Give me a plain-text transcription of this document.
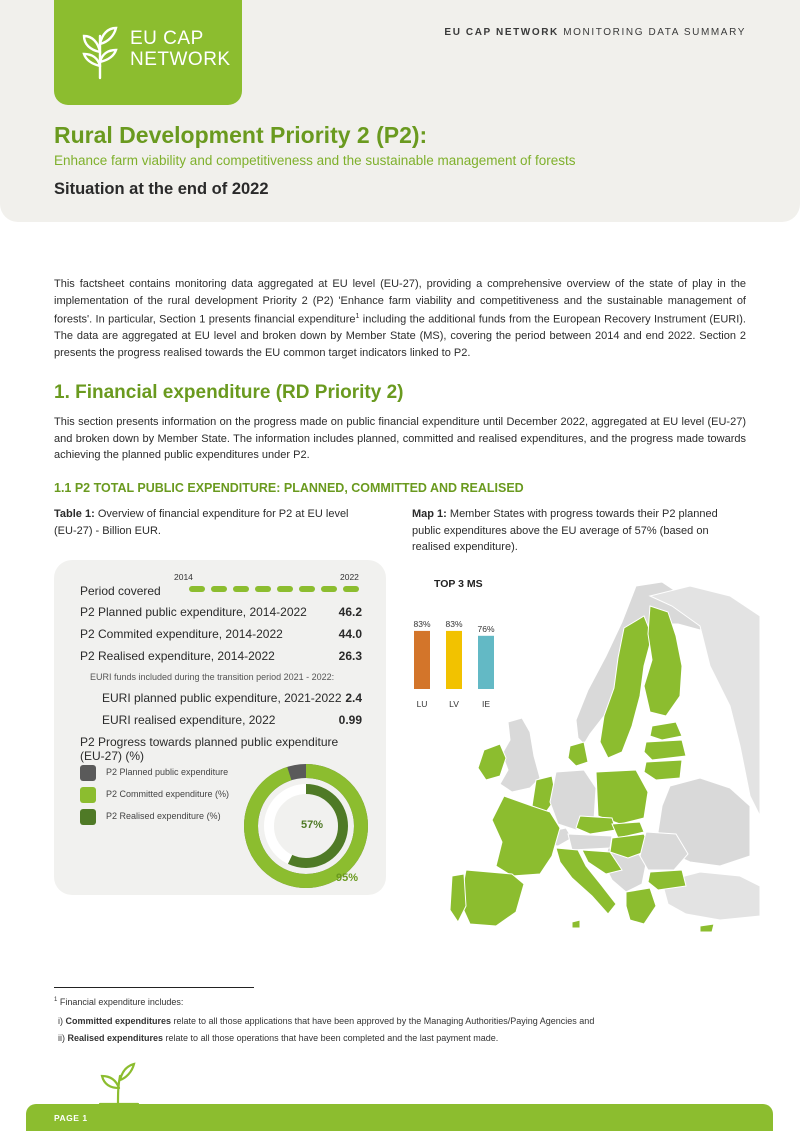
EU CAP
NETWORK
EU CAP NETWORK MONITORING DATA SUMMARY
Rural Development Priority 2 (P2):
Enhance farm viability and competitiveness and the sustainable management of forests
Situation at the end of 2022

This factsheet contains monitoring data aggregated at EU level (EU-27), providing a comprehensive overview of the state of play in the implementation of the rural development Priority 2 (P2) 'Enhance farm viability and competitiveness and the sustainable management of forests'. In particular, Section 1 presents financial expenditure$^1$ including the additional funds from the European Recovery Instrument (EURI). The data are aggregated at EU level and broken down by Member State (MS), covering the period between 2014 and end 2022. Section 2 presents the progress realised towards the EU common target indicators linked to P2.

1. Financial expenditure (RD Priority 2)

This section presents information on the progress made on public financial expenditure until December 2022, aggregated at EU level (EU-27) and broken down by Member State. The information includes planned, committed and realised expenditures, and the progress made towards achieving the planned public expenditures under P2.

1.1 P2 TOTAL PUBLIC EXPENDITURE: PLANNED, COMMITTED AND REALISED
Table 1: Overview of financial expenditure for P2 at EU level (EU-27) - Billion EUR.
Map 1: Member States with progress towards their P2 planned public expenditures above the EU average of 57% (based on realised expenditure).
2014	2022
Period covered
P2 Planned public expenditure, 2014-2022	46.2
P2 Commited expenditure, 2014-2022	44.0
P2 Realised expenditure, 2014-2022	26.3
EURI funds included during the transition period 2021 - 2022:
EURI planned public expenditure, 2021-2022 2.4
EURI realised expenditure, 2022	0.99
P2 Progress towards planned public expenditure (EU-27) (%)
P2 Planned public expenditure
P2 Committed expenditure (%)
P2 Realised expenditure (%)
57%
95%
TOP 3 MS
83%
LU
83%
LV
76%
IE
$^1$ Financial expenditure includes:
i) Committed expenditures relate to all those applications that have been approved by the Managing Authorities/Paying Agencies and
ii) Realised expenditures relate to all those operations that have been completed and the last payment made.
PAGE 1
